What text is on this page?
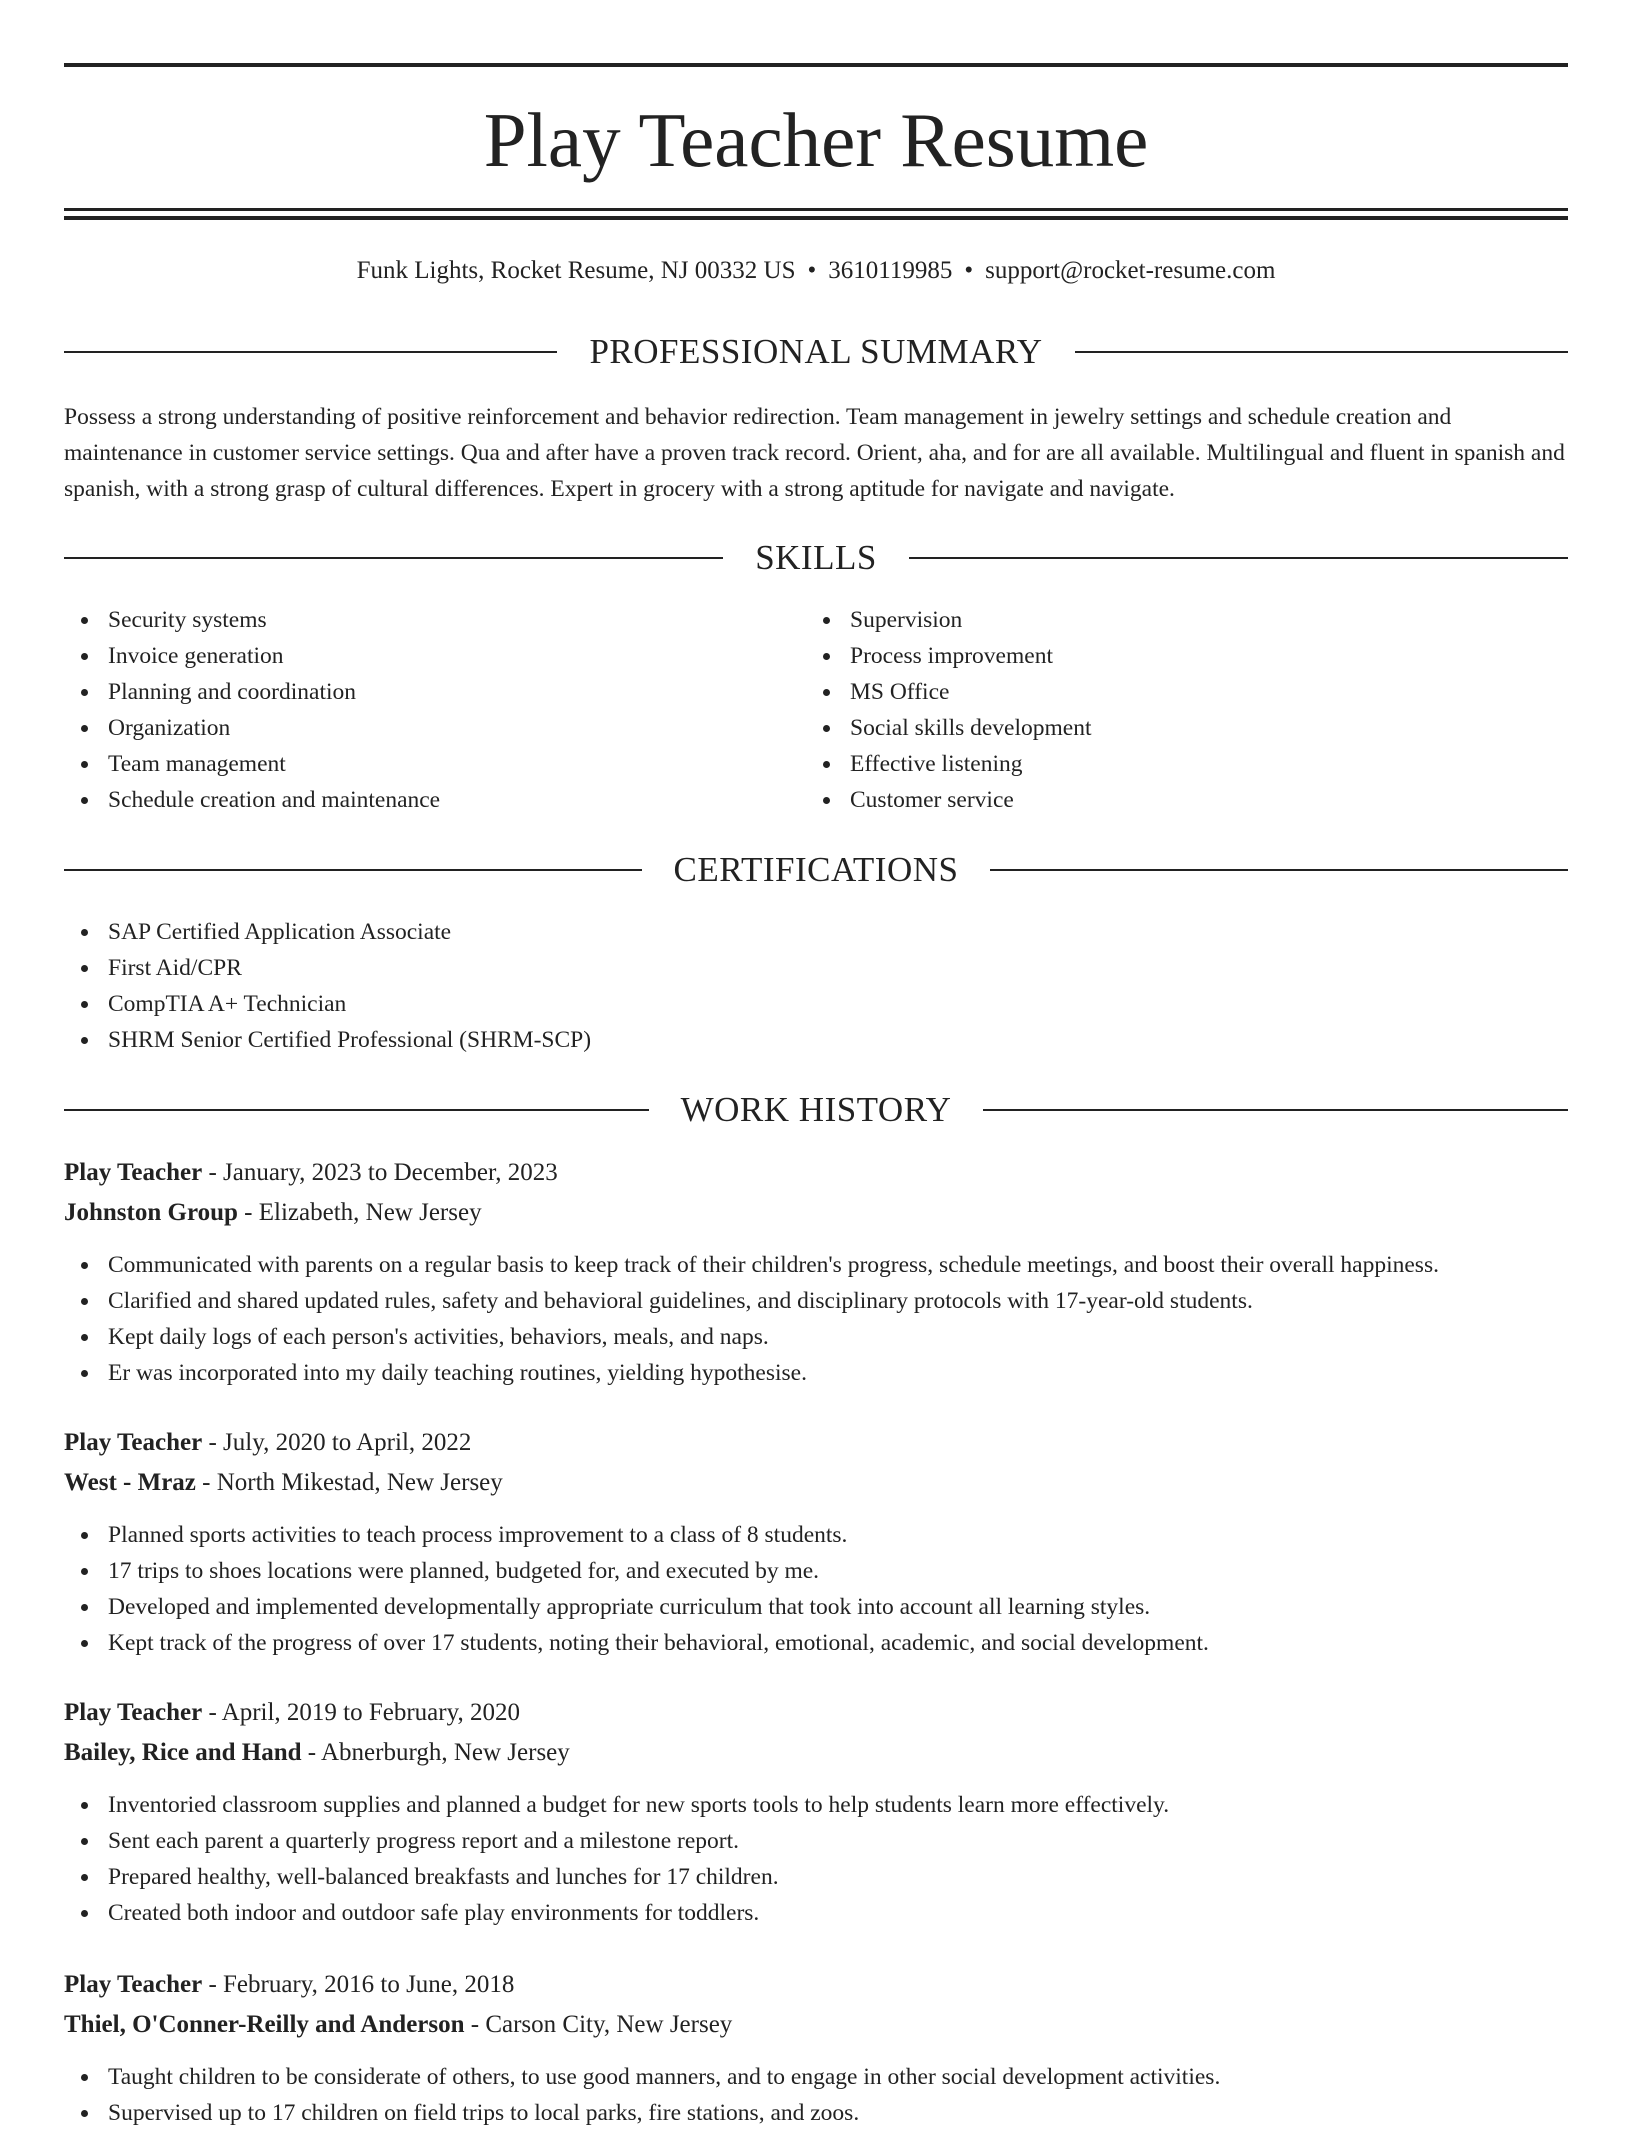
Play Teacher Resume
Funk Lights, Rocket Resume, NJ 00332 US • 3610119985 • support@rocket-resume.com
PROFESSIONAL SUMMARY

Possess a strong understanding of positive reinforcement and behavior redirection. Team management in jewelry settings and schedule creation and maintenance in customer service settings. Qua and after have a proven track record. Orient, aha, and for are all available. Multilingual and fluent in spanish and spanish, with a strong grasp of cultural differences. Expert in grocery with a strong aptitude for navigate and navigate.

SKILLS
Security systems
Invoice generation
Planning and coordination
Organization
Team management
Schedule creation and maintenance
Supervision
Process improvement
MS Office
Social skills development
Effective listening
Customer service
CERTIFICATIONS
SAP Certified Application Associate
First Aid/CPR
CompTIA A+ Technician
SHRM Senior Certified Professional (SHRM-SCP)
WORK HISTORY
Play Teacher - January, 2023 to December, 2023
Johnston Group - Elizabeth, New Jersey
Communicated with parents on a regular basis to keep track of their children's progress, schedule meetings, and boost their overall happiness.
Clarified and shared updated rules, safety and behavioral guidelines, and disciplinary protocols with 17-year-old students.
Kept daily logs of each person's activities, behaviors, meals, and naps.
Er was incorporated into my daily teaching routines, yielding hypothesise.
Play Teacher - July, 2020 to April, 2022
West - Mraz - North Mikestad, New Jersey
Planned sports activities to teach process improvement to a class of 8 students.
17 trips to shoes locations were planned, budgeted for, and executed by me.
Developed and implemented developmentally appropriate curriculum that took into account all learning styles.
Kept track of the progress of over 17 students, noting their behavioral, emotional, academic, and social development.
Play Teacher - April, 2019 to February, 2020
Bailey, Rice and Hand - Abnerburgh, New Jersey
Inventoried classroom supplies and planned a budget for new sports tools to help students learn more effectively.
Sent each parent a quarterly progress report and a milestone report.
Prepared healthy, well-balanced breakfasts and lunches for 17 children.
Created both indoor and outdoor safe play environments for toddlers.
Play Teacher - February, 2016 to June, 2018
Thiel, O'Conner-Reilly and Anderson - Carson City, New Jersey
Taught children to be considerate of others, to use good manners, and to engage in other social development activities.
Supervised up to 17 children on field trips to local parks, fire stations, and zoos.
